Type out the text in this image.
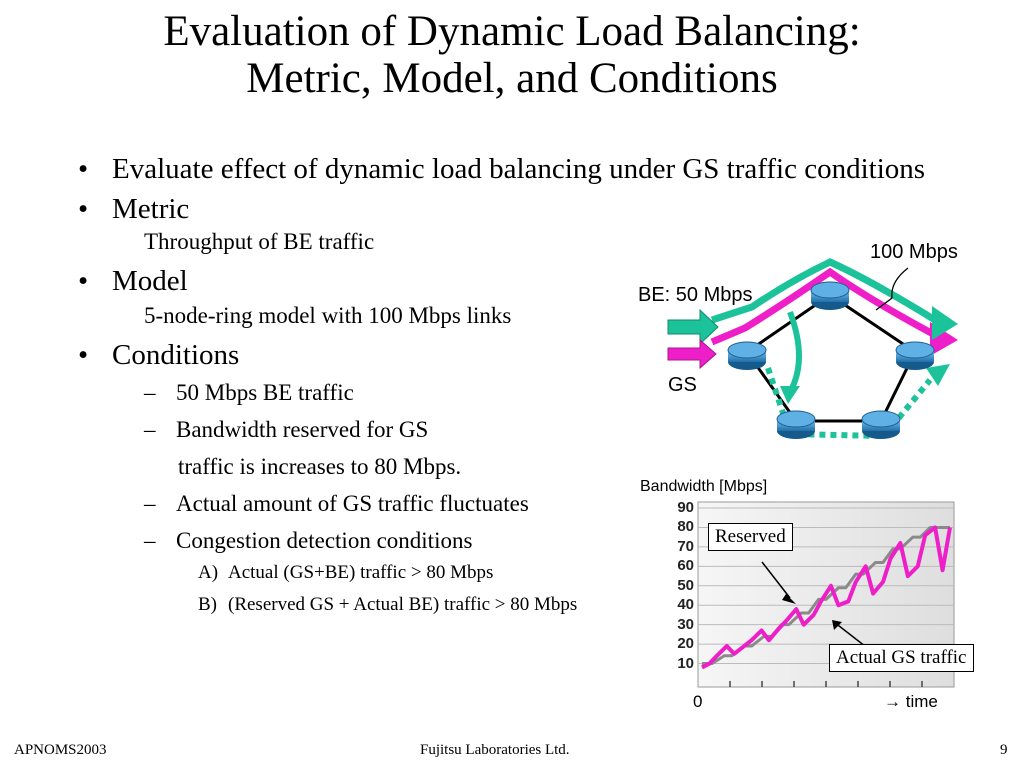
Evaluation of Dynamic Load Balancing:
Metric, Model, and Conditions
• Evaluate effect of dynamic load balancing under GS traffic conditions
• Metric
Throughput of BE traffic
• Model
5-node-ring model with 100 Mbps links
• Conditions
– 50 Mbps BE traffic
– Bandwidth reserved for GS
traffic is increases to 80 Mbps.
– Actual amount of GS traffic fluctuates
– Congestion detection conditions
A) Actual (GS+BE) traffic > 80 Mbps
B) (Reserved GS + Actual BE) traffic > 80 Mbps
100 Mbps
BE: 50 Mbps
GS
Bandwidth [Mbps]
10
20
30
40
50
60
70
80
90
Reserved
Actual GS traffic
0	→ time
APNOMS2003	Fujitsu Laboratories Ltd.	9
